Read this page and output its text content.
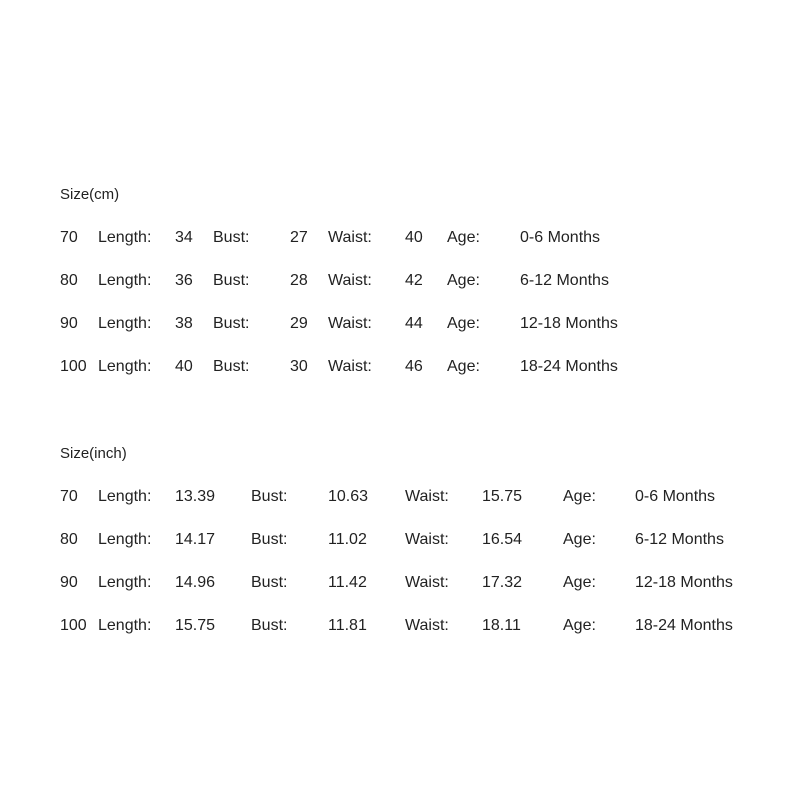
Size(cm)
70 Length: 34 Bust:	27 Waist: 40 Age:	0-6 Months
80 Length: 36 Bust:	28 Waist: 42 Age:	6-12 Months
90 Length: 38 Bust:	29 Waist: 44 Age:	12-18 Months
100 Length: 40 Bust:	30 Waist: 46 Age:	18-24 Months
Size(inch)
70 Length: 13.39 Bust:	10.63 Waist: 15.75	Age: 0-6 Months
80 Length: 14.17 Bust:	11.02 Waist: 16.54	Age: 6-12 Months
90 Length: 14.96 Bust:	11.42 Waist: 17.32	Age: 12-18 Months
100 Length: 15.75 Bust:	11.81 Waist: 18.11	Age: 18-24 Months
